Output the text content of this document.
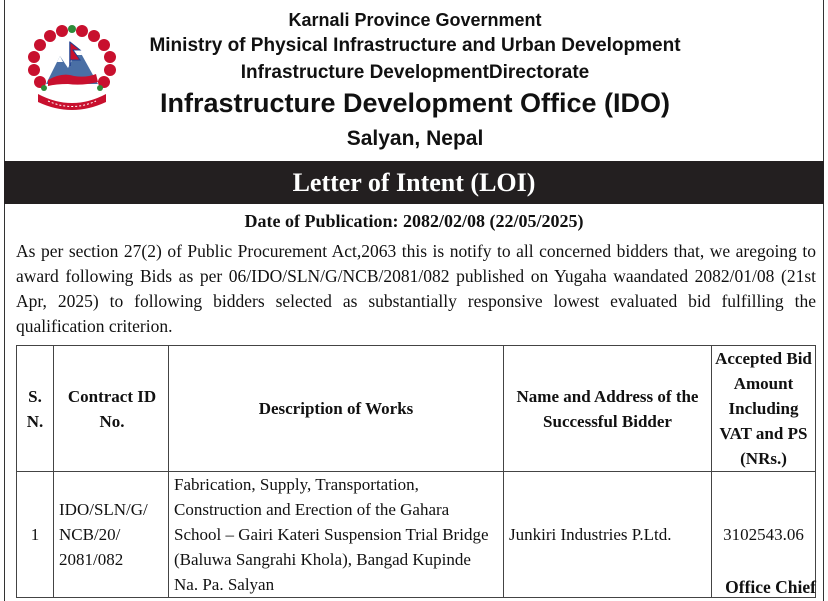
Karnali Province Government
Ministry of Physical Infrastructure and Urban Development
Infrastructure DevelopmentDirectorate
Infrastructure Development Office (IDO)
Salyan, Nepal
Letter of Intent (LOI)
Date of Publication: 2082/02/08 (22/05/2025)
As per section 27(2) of Public Procurement Act,2063 this is notify to all concerned bidders that, we aregoing to award following Bids as per 06/IDO/SLN/G/NCB/2081/082 published on Yugaha waandated 2082/01/08 (21st Apr, 2025) to following bidders selected as substantially responsive lowest evaluated bid fulfilling the qualification criterion.
S. N.	Contract ID No.	Description of Works	Name and Address of the Successful Bidder	Accepted Bid Amount Including VAT and PS (NRs.)
1	IDO/SLN/G/ NCB/20/ 2081/082	Fabrication, Supply, Transportation, Construction and Erection of the Gahara School – Gairi Kateri Suspension Trial Bridge (Baluwa Sangrahi Khola), Bangad Kupinde Na. Pa. Salyan	Junkiri Industries P.Ltd.	3102543.06
Office Chief
